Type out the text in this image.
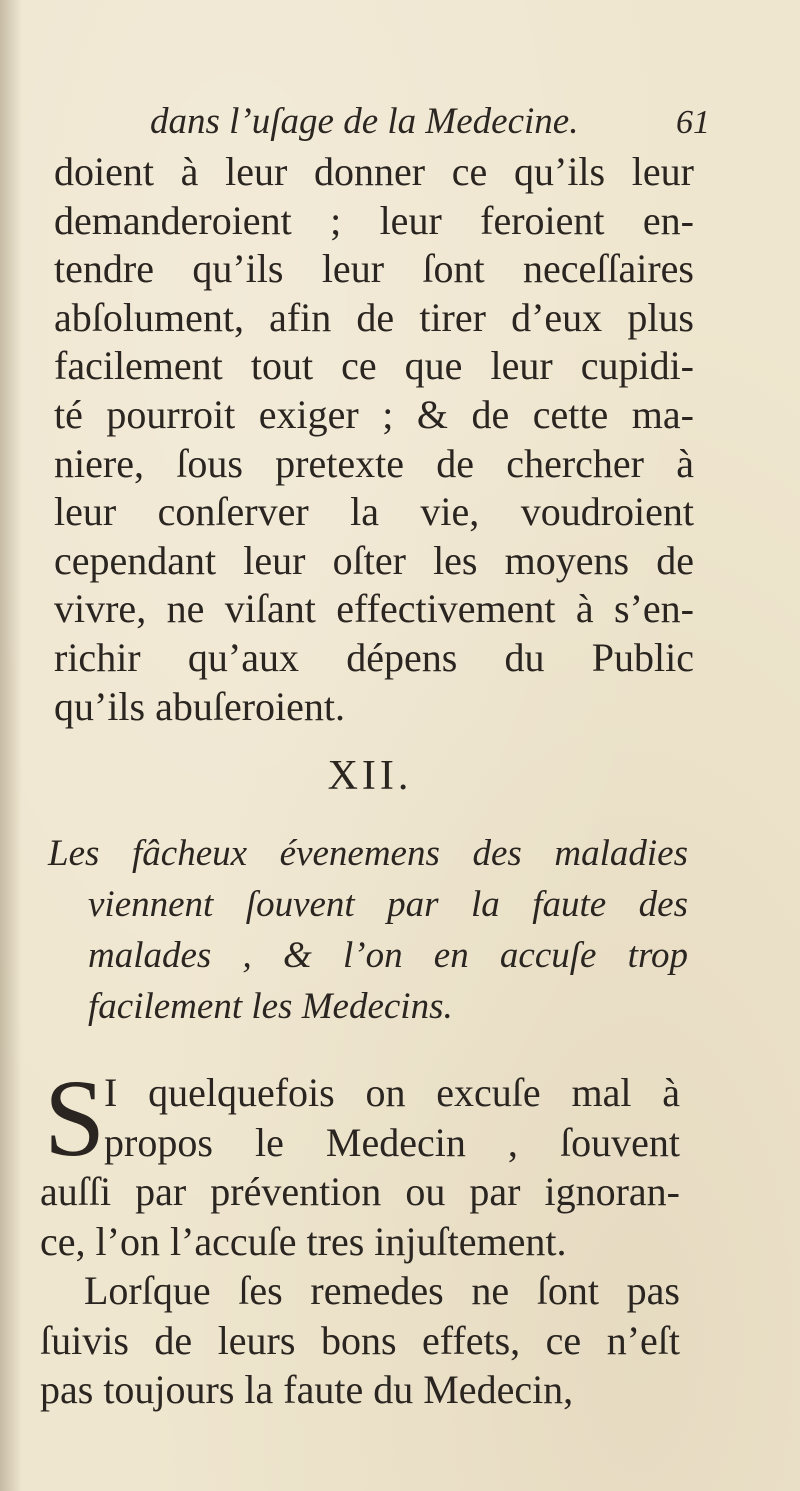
dans l’uſage de la Medecine.	61
doient à leur donner ce qu’ils leur
demanderoient ; leur feroient en-
tendre qu’ils leur ſont neceſſaires
abſolument, afin de tirer d’eux plus
facilement tout ce que leur cupidi-
té pourroit exiger ; & de cette ma-
niere, ſous pretexte de chercher à
leur conſerver la vie, voudroient
cependant leur oſter les moyens de
vivre, ne viſant effectivement à s’en-
richir qu’aux dépens du Public
qu’ils abuſeroient.
XII.
Les fâcheux évenemens des maladies
viennent ſouvent par la faute des
malades , & l’on en accuſe trop
facilement les Medecins.
S
I quelquefois on excuſe mal à
propos le Medecin , ſouvent
auſſi par prévention ou par ignoran-
ce, l’on l’accuſe tres injuſtement.
Lorſque ſes remedes ne ſont pas
ſuivis de leurs bons effets, ce n’eſt
pas toujours la faute du Medecin,
